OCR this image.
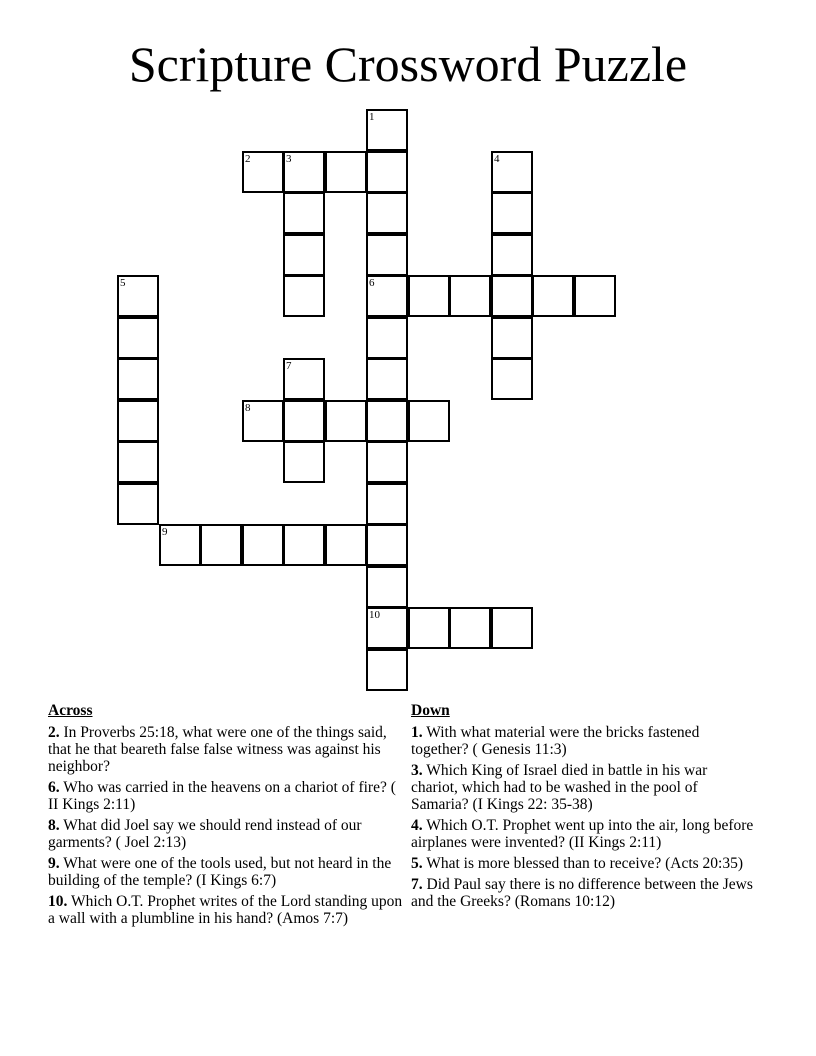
Scripture Crossword Puzzle
1
2	3	4
5	6
7
8
9
10
Across
2. In Proverbs 25:18, what were one of the things said, that he that beareth false false witness was against his neighbor?
6. Who was carried in the heavens on a chariot of fire? ( II Kings 2:11)
8. What did Joel say we should rend instead of our garments? ( Joel 2:13)
9. What were one of the tools used, but not heard in the building of the temple? (I Kings 6:7)
10. Which O.T. Prophet writes of the Lord standing upon a wall with a plumbline in his hand? (Amos 7:7)
Down
1. With what material were the bricks fastened together? ( Genesis 11:3)
3. Which King of Israel died in battle in his war chariot, which had to be washed in the pool of Samaria? (I Kings 22: 35-38)
4. Which O.T. Prophet went up into the air, long before airplanes were invented? (II Kings 2:11)
5. What is more blessed than to receive? (Acts 20:35)
7. Did Paul say there is no difference between the Jews and the Greeks? (Romans 10:12)
